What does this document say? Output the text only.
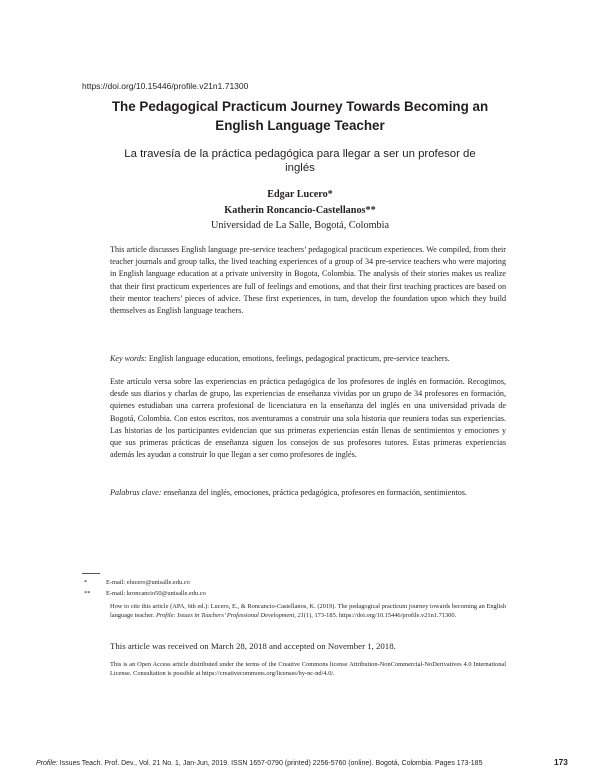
https://doi.org/10.15446/profile.v21n1.71300
The Pedagogical Practicum Journey Towards Becoming an English Language Teacher
La travesía de la práctica pedagógica para llegar a ser un profesor de inglés
Edgar Lucero*
Katherin Roncancio-Castellanos**
Universidad de La Salle, Bogotá, Colombia
This article discusses English language pre-service teachers’ pedagogical practicum experiences. We compiled, from their teacher journals and group talks, the lived teaching experiences of a group of 34 pre-service teachers who were majoring in English language education at a private university in Bogota, Colombia. The analysis of their stories makes us realize that their first practicum experiences are full of feelings and emotions, and that their first teaching practices are based on their mentor teachers’ pieces of advice. These first experiences, in turn, develop the foundation upon which they build themselves as English language teachers.
Key words: English language education, emotions, feelings, pedagogical practicum, pre-service teachers.
Este artículo versa sobre las experiencias en práctica pedagógica de los profesores de inglés en formación. Recogimos, desde sus diarios y charlas de grupo, las experiencias de enseñanza vividas por un grupo de 34 profesores en formación, quienes estudiaban una carrera profesional de licenciatura en la enseñanza del inglés en una universidad privada de Bogotá, Colombia. Con estos escritos, nos aventuramos a construir una sola historia que reuniera todas sus experiencias. Las historias de los participantes evidencian que sus primeras experiencias están llenas de sentimientos y emociones y que sus primeras prácticas de enseñanza siguen los consejos de sus profesores tutores. Estas primeras experiencias además les ayudan a construir lo que llegan a ser como profesores de inglés.
Palabras clave: enseñanza del inglés, emociones, práctica pedagógica, profesores en formación, sentimientos.
*	E-mail: elucero@unisalle.edu.co
** E-mail: kroncancio50@unisalle.edu.co
How to cite this article (APA, 6th ed.): Lucero, E., & Roncancio-Castellanos, K. (2019). The pedagogical practicum journey towards becoming an English language teacher. Profile: Issues in Teachers’ Professional Development, 21(1), 173-185. https://doi.org/10.15446/profile.v21n1.71300.
This article was received on March 28, 2018 and accepted on November 1, 2018.
This is an Open Access article distributed under the terms of the Creative Commons license Attribution-NonCommercial-NoDerivatives 4.0 International License. Consultation is possible at https://creativecommons.org/licenses/by-nc-nd/4.0/.
Profile: Issues Teach. Prof. Dev., Vol. 21 No. 1, Jan-Jun, 2019. ISSN 1657-0790 (printed) 2256-5760 (online). Bogotá, Colombia. Pages 173-185	173
